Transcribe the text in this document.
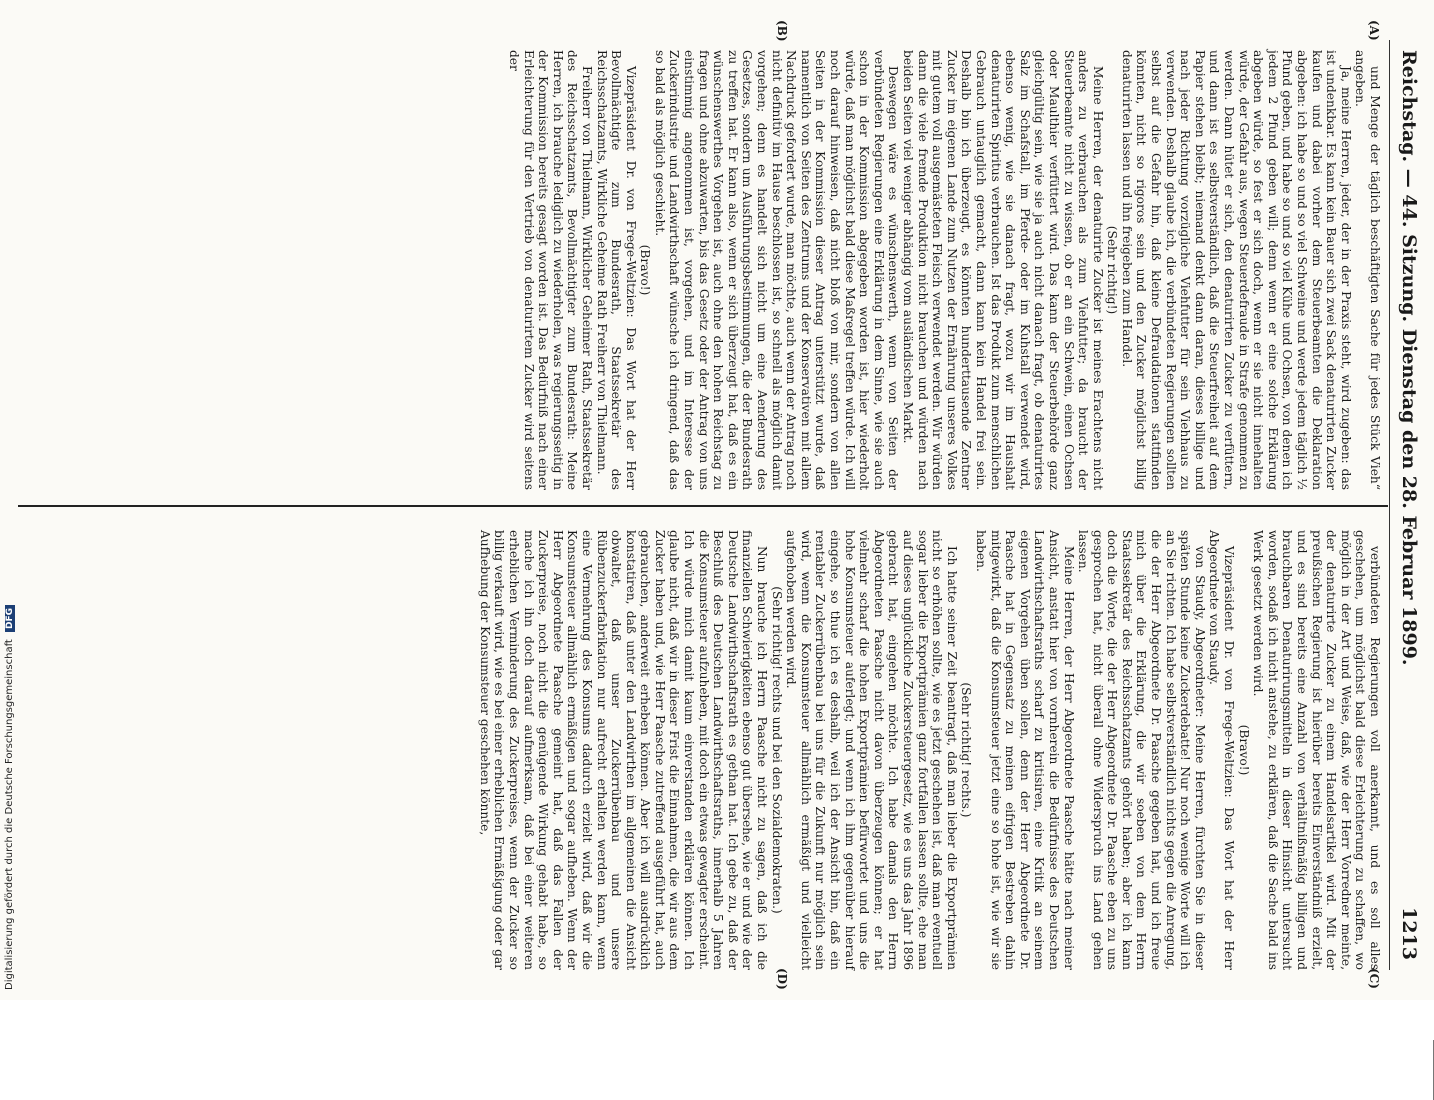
Reichstag. — 44. Sitzung. Dienstag den 28. Februar 1899.
1213
(A)
(B)
(C)
(D)

und Menge der täglich beschäftigten Sache für jedes Stück Vieh“ angeben.

Ja, meine Herren, jeder, der in der Praxis steht, wird zugeben: das ist undenkbar. Es kann kein Bauer sich zwei Sack denaturirten Zucker kaufen und dabei vorher dem Steuerbeamten die Deklaration abgeben: ich habe so und so viel Schweine und werde jedem täglich ½ Pfund geben, und habe so und so viel Kühe und Ochsen, von denen ich jedem 2 Pfund geben will; denn wenn er eine solche Erklärung abgeben würde, so fest er sich doch, wenn er sie nicht innehalten würde, der Gefahr aus, wegen Steuerdefraude in Strafe genommen zu werden. Dann hütet er sich, den denaturirten Zucker zu verfüttern, und dann ist es selbstverständlich, daß die Steuerfreiheit auf dem Papier stehen bleibt; niemand denkt dann daran, dieses billige und nach jeder Richtung vorzügliche Viehfutter für sein Viehhaus zu verwenden. Deshalb glaube ich, die verbündeten Regierungen sollten selbst auf die Gefahr hin, daß kleine Defraudationen stattfinden könnten, nicht so rigoros sein und den Zucker möglichst billig denaturirten lassen und ihn freigeben zum Handel.

(Sehr richtig!)

Meine Herren, der denaturirte Zucker ist meines Erachtens nicht anders zu verbrauchen als zum Viehfutter; da braucht der Steuerbeamte nicht zu wissen, ob er an ein Schwein, einen Ochsen oder Maulthier verfüttert wird. Das kann der Steuerbehörde ganz gleichgültig sein, wie sie ja auch nicht danach fragt, ob denaturirtes Salz im Schafstall, im Pferde- oder im Kuhstall verwendet wird, ebenso wenig, wie sie danach fragt, wozu wir im Haushalt denaturirten Spiritus verbrauchen. Ist das Produkt zum menschlichen Gebrauch untauglich gemacht, dann kann kein Handel frei sein. Deshalb bin ich überzeugt, es könnten hunderttausende Zentner Zucker im eigenen Lande zum Nutzen der Ernährung unseres Volkes mit gutem voll ausgemästeten Fleisch verwendet werden. Wir würden dann die viele fremde Produktion nicht brauchen und würden nach beiden Seiten viel weniger abhängig vom ausländischen Markt.

Deswegen wäre es wünschenswerth, wenn von Seiten der verbündeten Regierungen eine Erklärung in dem Sinne, wie sie auch schon in der Kommission abgegeben worden ist, hier wiederholt würde, daß man möglichst bald diese Maßregel treffen würde. Ich will noch darauf hinweisen, daß nicht bloß von mir, sondern von allen Seiten in der Kommission dieser Antrag unterstützt wurde, daß namentlich von Seiten des Zentrums und der Konservativen mit allem Nachdruck gefordert wurde, man möchte, auch wenn der Antrag noch nicht definitiv im Hause beschlossen ist, so schnell als möglich damit vorgehen; denn es handelt sich nicht um eine Aenderung des Gesetzes, sondern um Ausführungsbestimmungen, die der Bundesrath zu treffen hat. Er kann also, wenn er sich überzeugt hat, daß es ein wünschenswerthes Vorgehen ist, auch ohne den hohen Reichstag zu fragen und ohne abzuwarten, bis das Gesetz oder der Antrag von uns einstimmig angenommen ist, vorgehen, und im Interesse der Zuckerindustrie und Landwirthschaft wünsche ich dringend, daß das so bald als möglich geschieht.

(Bravo!)

Vizepräsident Dr. von Frege-Weltzien: Das Wort hat der Herr Bevollmächtigte zum Bundesrath, Staatssekretär des Reichsschatzamts, Wirkliche Geheime Rath Freiherr von Thielmann.

Freiherr von Thielmann, Wirklicher Geheimer Rath, Staatssekretär des Reichsschatzamts, Bevollmächtigter zum Bundesrath: Meine Herren, ich brauche lediglich zu wiederholen, was regierungsseitig in der Kommission bereits gesagt worden ist. Das Bedürfniß nach einer Erleichterung für den Vertrieb von denaturirtem Zucker wird seitens der

verbündeten Regierungen voll anerkannt, und es soll alles geschehen, um möglichst bald diese Erleichterung zu schaffen, wo möglich in der Art und Weise, daß, wie der Herr Vorredner meinte, der denaturirte Zucker zu einem Handelsartikel wird. Mit der preußischen Regierung ist hierüber bereits Einverständniß erzielt, und es sind bereits eine Anzahl von verhältnißmäßig billigen und brauchbaren Denaturirungsmitteln in dieser Hinsicht untersucht worden, sodaß ich nicht anstehe, zu erklären, daß die Sache bald ins Werk gesetzt werden wird.

(Bravo!)

Vizepräsident Dr. von Frege-Weltzien: Das Wort hat der Herr Abgeordnete von Staudy.

von Staudy, Abgeordneter: Meine Herren, fürchten Sie in dieser späten Stunde keine Zuckerdebatte! Nur noch wenige Worte will ich an Sie richten. Ich habe selbstverständlich nichts gegen die Anregung, die der Herr Abgeordnete Dr. Paasche gegeben hat, und ich freue mich über die Erklärung, die wir soeben von dem Herrn Staatssekretär des Reichsschatzamts gehört haben; aber ich kann doch die Worte, die der Herr Abgeordnete Dr. Paasche eben zu uns gesprochen hat, nicht überall ohne Widerspruch ins Land gehen lassen.

Meine Herren, der Herr Abgeordnete Paasche hätte nach meiner Ansicht, anstatt hier von vornherein die Bedürfnisse des Deutschen Landwirthschaftsraths scharf zu kritisiren, eine Kritik an seinem eigenen Vorgehen üben sollen, denn der Herr Abgeordnete Dr. Paasche hat in Gegensatz zu meinen eifrigen Bestreben dahin mitgewirkt, daß die Konsumsteuer jetzt eine so hohe ist, wie wir sie haben.

(Sehr richtig! rechts.)

Ich hatte seiner Zeit beantragt, daß man lieber die Exportprämien nicht so erhöhen sollte, wie es jetzt geschehen ist, daß man eventuell sogar lieber die Exportprämien ganz fortfallen lassen sollte, ehe man auf dieses unglückliche Zuckersteuergesetz, wie es uns das Jahr 1896 gebracht hat, eingehen möchte. Ich habe damals den Herrn Abgeordneten Paasche nicht davon überzeugen können; er hat vielmehr scharf die hohen Exportprämien befürwortet und uns die hohe Konsumsteuer auferlegt; und wenn ich ihm gegenüber hierauf eingehe, so thue ich es deshalb, weil ich der Ansicht bin, daß ein rentabler Zuckerrübenbau bei uns für die Zukunft nur möglich sein wird, wenn die Konsumsteuer allmählich ermäßigt und vielleicht aufgehoben werden wird.

(Sehr richtig! rechts und bei den Sozialdemokraten.)

Nun brauche ich Herrn Paasche nicht zu sagen, daß ich die finanziellen Schwierigkeiten ebenso gut übersehe, wie er und wie der Deutsche Landwirthschaftsrath es gethan hat. Ich gebe zu, daß der Beschluß des Deutschen Landwirthschaftsraths, innerhalb 5 Jahren die Konsumsteuer aufzuheben, mit doch ein etwas gewagter erscheint. Ich würde mich damit kaum einverstanden erklären können. Ich glaube nicht, daß wir in dieser Frist die Einnahmen, die wir aus dem Zucker haben und, wie Herr Paasche zutreffend ausgeführt hat, auch gebrauchen, anderweit erheben können. Aber ich will ausdrücklich konstatiren, daß unter den Landwirthen im allgemeinen die Ansicht obwaltet, daß unser Zuckerrübenbau und unsere Rübenzuckerfabrikation nur aufrecht erhalten werden kann, wenn eine Vermehrung des Konsums dadurch erzielt wird, daß wir die Konsumsteuer allmählich ermäßigen und sogar aufheben. Wenn der Herr Abgeordnete Paasche gemeint hat, daß das Fallen der Zuckerpreise, noch nicht die genügende Wirkung gehabt habe, so mache ich ihn doch darauf aufmerksam, daß bei einer weiteren erheblichen Verminderung des Zuckerpreises, wenn der Zucker so billig verkauft wird, wie es bei einer erheblichen Ermäßigung oder gar Aufhebung der Konsumsteuer geschehen könnte,

Digitalisierung gefördert durch die Deutsche Forschungsgemeinschaft DFG
